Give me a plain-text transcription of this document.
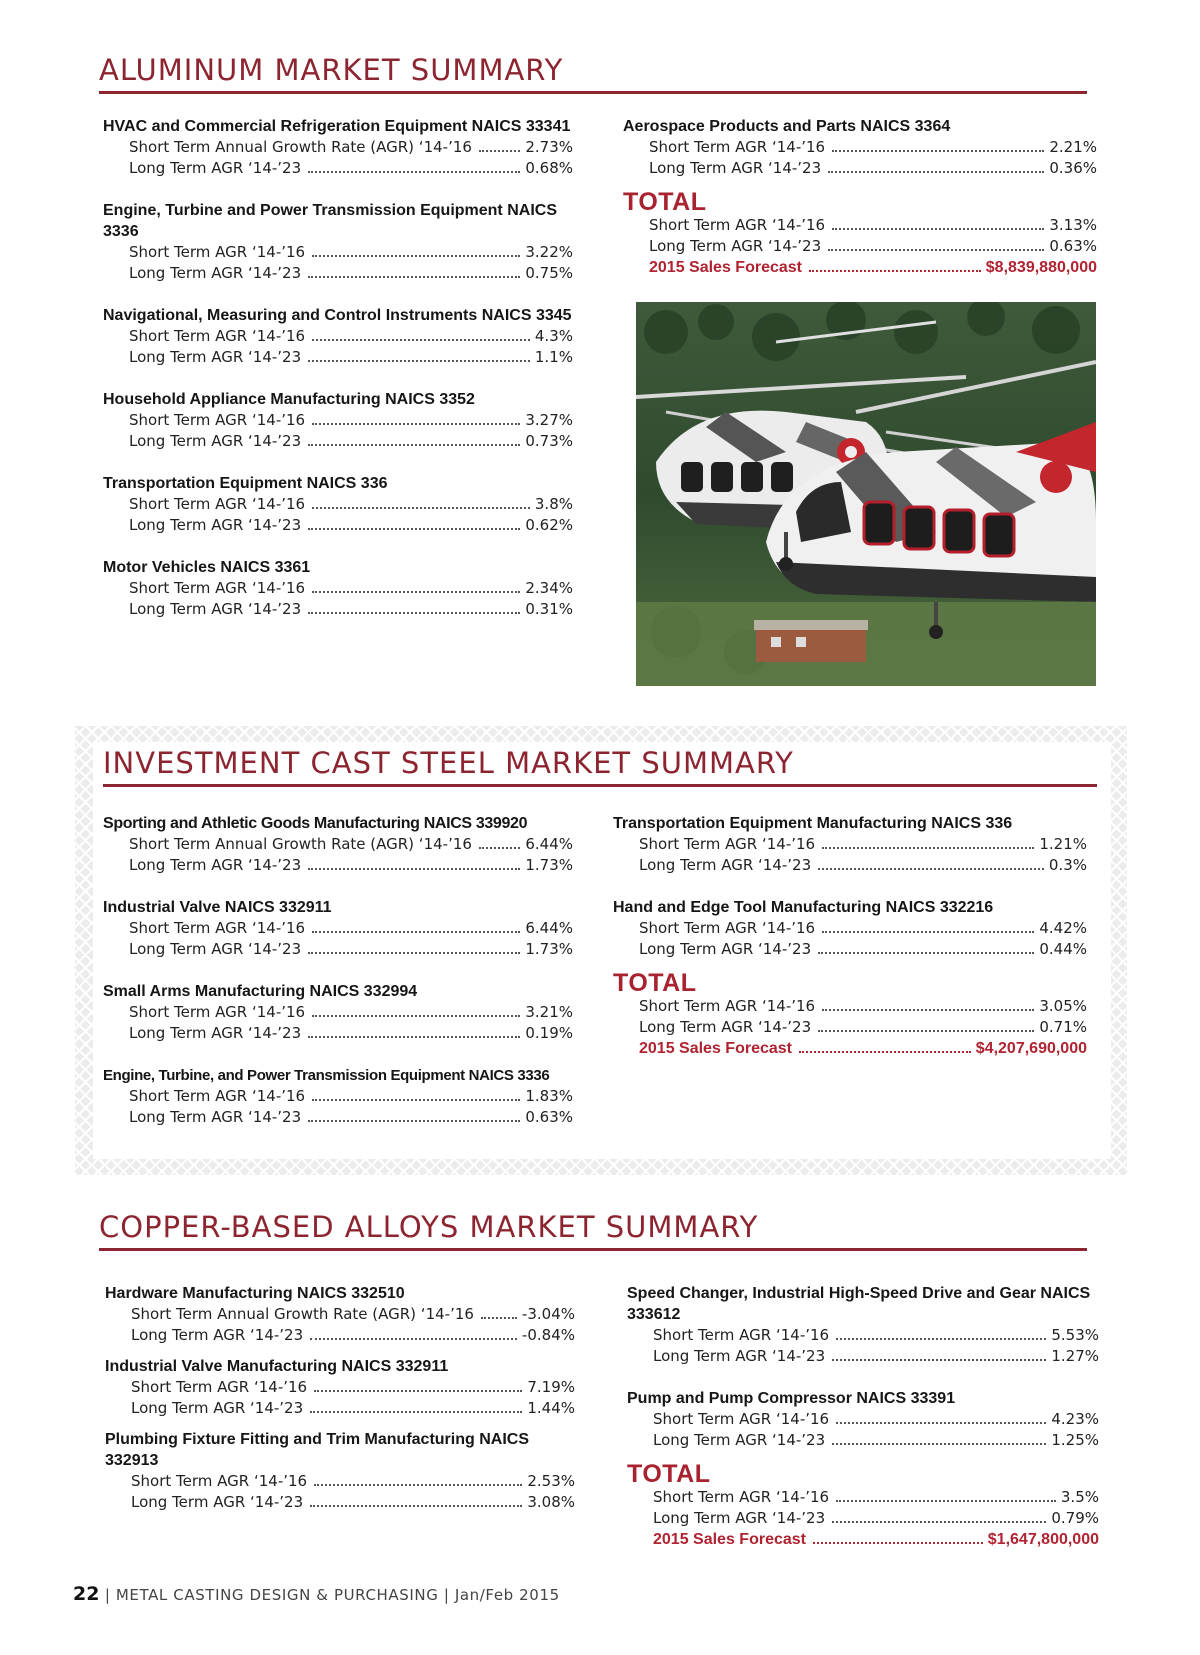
ALUMINUM MARKET SUMMARY
HVAC and Commercial Refrigeration Equipment NAICS 33341
Short Term Annual Growth Rate (AGR) ‘14-’16	2.73%
Long Term AGR ‘14-’23	0.68%
Engine, Turbine and Power Transmission Equipment NAICS 3336
Short Term AGR ‘14-’16	3.22%
Long Term AGR ‘14-’23	0.75%
Navigational, Measuring and Control Instruments NAICS 3345
Short Term AGR ‘14-’16	4.3%
Long Term AGR ‘14-’23	1.1%
Household Appliance Manufacturing NAICS 3352
Short Term AGR ‘14-’16	3.27%
Long Term AGR ‘14-’23	0.73%
Transportation Equipment NAICS 336
Short Term AGR ‘14-’16	3.8%
Long Term AGR ‘14-’23	0.62%
Motor Vehicles NAICS 3361
Short Term AGR ‘14-’16	2.34%
Long Term AGR ‘14-’23	0.31%
Aerospace Products and Parts NAICS 3364
Short Term AGR ‘14-’16	2.21%
Long Term AGR ‘14-’23	0.36%
TOTAL
Short Term AGR ‘14-’16	3.13%
Long Term AGR ‘14-’23	0.63%
2015 Sales Forecast	$8,839,880,000
INVESTMENT CAST STEEL MARKET SUMMARY
Sporting and Athletic Goods Manufacturing NAICS 339920
Short Term Annual Growth Rate (AGR) ‘14-’16	6.44%
Long Term AGR ‘14-’23	1.73%
Industrial Valve NAICS 332911
Short Term AGR ‘14-’16	6.44%
Long Term AGR ‘14-’23	1.73%
Small Arms Manufacturing NAICS 332994
Short Term AGR ‘14-’16	3.21%
Long Term AGR ‘14-’23	0.19%
Engine, Turbine, and Power Transmission Equipment NAICS 3336
Short Term AGR ‘14-’16	1.83%
Long Term AGR ‘14-’23	0.63%
Transportation Equipment Manufacturing NAICS 336
Short Term AGR ‘14-’16	1.21%
Long Term AGR ‘14-’23	0.3%
Hand and Edge Tool Manufacturing NAICS 332216
Short Term AGR ‘14-’16	4.42%
Long Term AGR ‘14-’23	0.44%
TOTAL
Short Term AGR ‘14-’16	3.05%
Long Term AGR ‘14-’23	0.71%
2015 Sales Forecast	$4,207,690,000
COPPER-BASED ALLOYS MARKET SUMMARY
Hardware Manufacturing NAICS 332510
Short Term Annual Growth Rate (AGR) ‘14-’16	-3.04%
Long Term AGR ‘14-’23	-0.84%
Industrial Valve Manufacturing NAICS 332911
Short Term AGR ‘14-’16	7.19%
Long Term AGR ‘14-’23	1.44%
Plumbing Fixture Fitting and Trim Manufacturing NAICS 332913
Short Term AGR ‘14-’16	2.53%
Long Term AGR ‘14-’23	3.08%
Speed Changer, Industrial High-Speed Drive and Gear NAICS 333612
Short Term AGR ‘14-’16	5.53%
Long Term AGR ‘14-’23	1.27%
Pump and Pump Compressor NAICS 33391
Short Term AGR ‘14-’16	4.23%
Long Term AGR ‘14-’23	1.25%
TOTAL
Short Term AGR ‘14-’16	3.5%
Long Term AGR ‘14-’23	0.79%
2015 Sales Forecast	$1,647,800,000
22 | METAL CASTING DESIGN & PURCHASING | Jan/Feb 2015
